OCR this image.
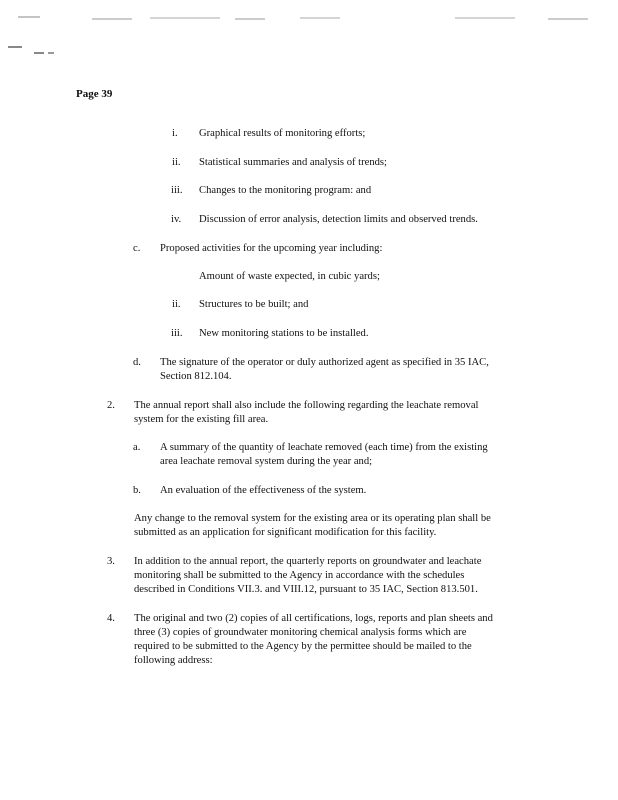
Page 39
i. Graphical results of monitoring efforts;
ii. Statistical summaries and analysis of trends;
iii. Changes to the monitoring program: and
iv. Discussion of error analysis, detection limits and observed trends.
c. Proposed activities for the upcoming year including:
Amount of waste expected, in cubic yards;
ii. Structures to be built; and
iii. New monitoring stations to be installed.
d. The signature of the operator or duly authorized agent as specified in 35 IAC,
Section 812.104.
2. The annual report shall also include the following regarding the leachate removal
system for the existing fill area.
a. A summary of the quantity of leachate removed (each time) from the existing
area leachate removal system during the year and;
b. An evaluation of the effectiveness of the system.
Any change to the removal system for the existing area or its operating plan shall be
submitted as an application for significant modification for this facility.
3. In addition to the annual report, the quarterly reports on groundwater and leachate
monitoring shall be submitted to the Agency in accordance with the schedules
described in Conditions VII.3. and VIII.12, pursuant to 35 IAC, Section 813.501.
4. The original and two (2) copies of all certifications, logs, reports and plan sheets and
three (3) copies of groundwater monitoring chemical analysis forms which are
required to be submitted to the Agency by the permittee should be mailed to the
following address:
